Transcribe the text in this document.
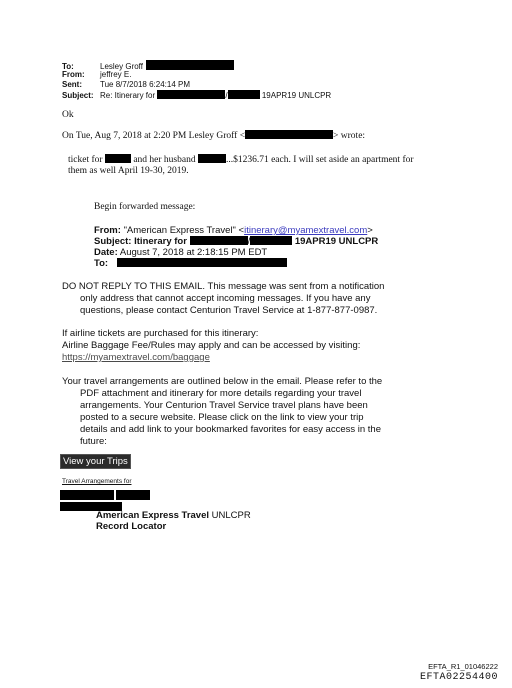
To:	Lesley Groff
From: jeffrey E.
Sent: Tue 8/7/2018 6:24:14 PM
Subject: Re: Itinerary for	/	19APR19 UNLCPR
Ok
On Tue, Aug 7, 2018 at 2:20 PM Lesley Groff <	> wrote:
ticket for	and her husband	...$1236.71 each. I will set aside an apartment for
them as well April 19-30, 2019.
Begin forwarded message:
From: "American Express Travel" <itinerary@myamextravel.com>
Subject: Itinerary for	/	19APR19 UNLCPR
Date: August 7, 2018 at 2:18:15 PM EDT
To:
DO NOT REPLY TO THIS EMAIL. This message was sent from a notification
only address that cannot accept incoming messages. If you have any
questions, please contact Centurion Travel Service at 1-877-877-0987.
If airline tickets are purchased for this itinerary:
Airline Baggage Fee/Rules may apply and can be accessed by visiting:
https://myamextravel.com/baggage
Your travel arrangements are outlined below in the email. Please refer to the
PDF attachment and itinerary for more details regarding your travel
arrangements. Your Centurion Travel Service travel plans have been
posted to a secure website. Please click on the link to view your trip
details and add link to your bookmarked favorites for easy access in the
future:
View your Trips
Travel Arrangements for
American Express Travel UNLCPR
Record Locator
EFTA_R1_01046222
EFTA02254400
